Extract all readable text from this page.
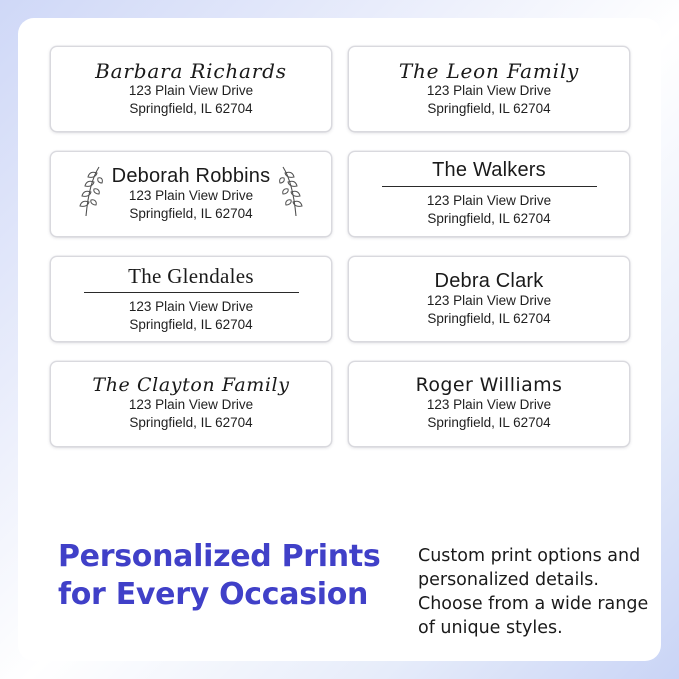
Barbara Richards
123 Plain View Drive
Springfield, IL 62704
The Leon Family
123 Plain View Drive
Springfield, IL 62704
Deborah Robbins
123 Plain View Drive
Springfield, IL 62704
The Walkers
123 Plain View Drive
Springfield, IL 62704
The Glendales
123 Plain View Drive
Springfield, IL 62704
Debra Clark
123 Plain View Drive
Springfield, IL 62704
The Clayton Family
123 Plain View Drive
Springfield, IL 62704
Roger Williams
123 Plain View Drive
Springfield, IL 62704
Personalized Prints
for Every Occasion
Custom print options and
personalized details.
Choose from a wide range
of unique styles.
